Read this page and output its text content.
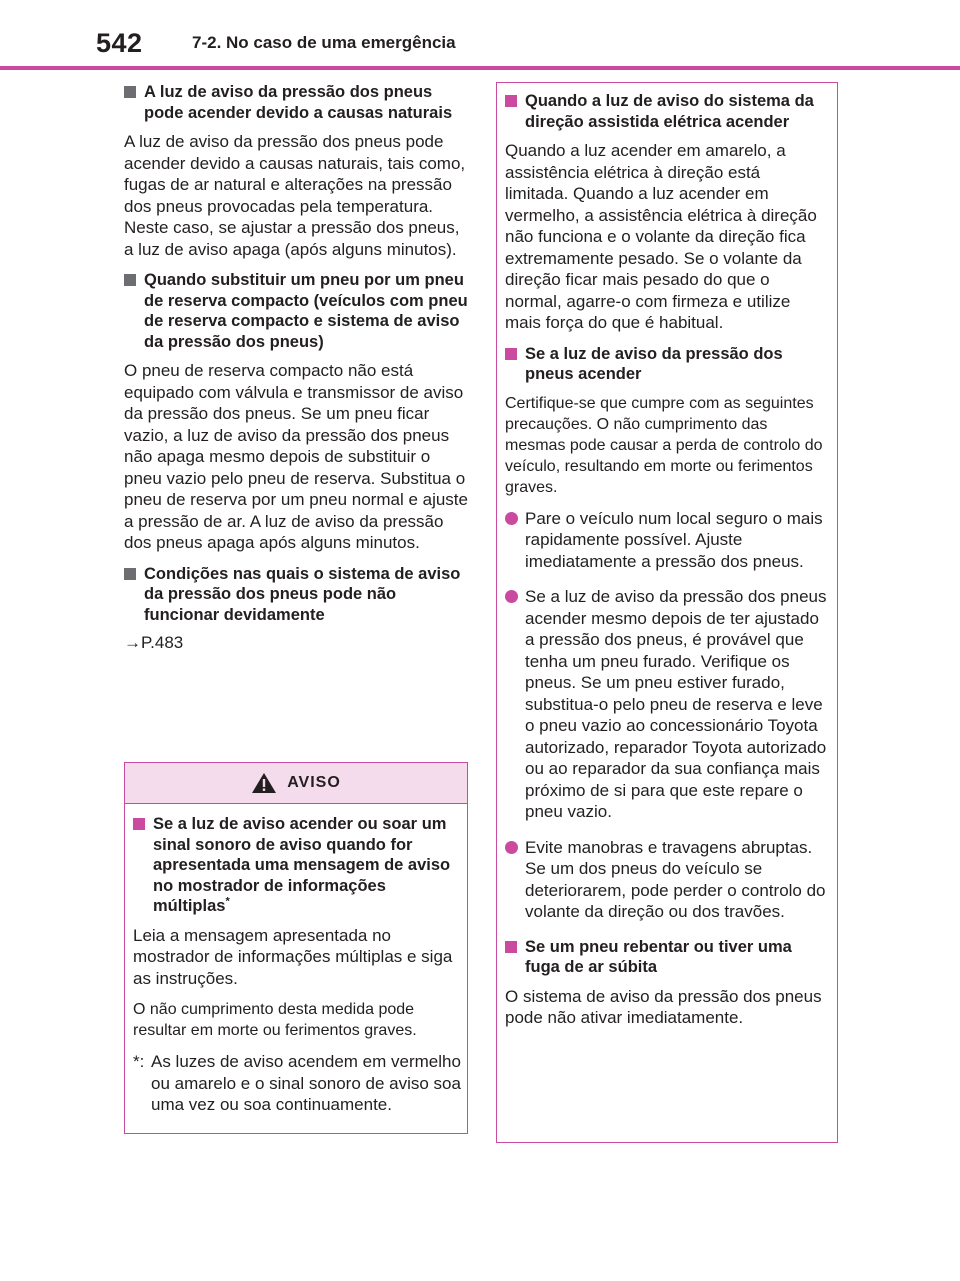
542	7-2. No caso de uma emergência
A luz de aviso da pressão dos pneus pode acender devido a causas naturais

A luz de aviso da pressão dos pneus pode acender devido a causas naturais, tais como, fugas de ar natural e alterações na pressão dos pneus provocadas pela temperatura. Neste caso, se ajustar a pressão dos pneus, a luz de aviso apaga (após alguns minutos).

Quando substituir um pneu por um pneu de reserva compacto (veículos com pneu de reserva compacto e sistema de aviso da pressão dos pneus)

O pneu de reserva compacto não está equipado com válvula e transmissor de aviso da pressão dos pneus. Se um pneu ficar vazio, a luz de aviso da pressão dos pneus não apaga mesmo depois de substituir o pneu vazio pelo pneu de reserva. Substitua o pneu de reserva por um pneu normal e ajuste a pressão de ar. A luz de aviso da pressão dos pneus apaga após alguns minutos.

Condições nas quais o sistema de aviso da pressão dos pneus pode não funcionar devidamente

→P.483

AVISO
Se a luz de aviso acender ou soar um sinal sonoro de aviso quando for apresentada uma mensagem de aviso no mostrador de informações múltiplas*

Leia a mensagem apresentada no mostrador de informações múltiplas e siga as instruções.

O não cumprimento desta medida pode resultar em morte ou ferimentos graves.

*: As luzes de aviso acendem em vermelho ou amarelo e o sinal sonoro de aviso soa uma vez ou soa continuamente.
Quando a luz de aviso do sistema da direção assistida elétrica acender

Quando a luz acender em amarelo, a assistência elétrica à direção está limitada. Quando a luz acender em vermelho, a assistência elétrica à direção não funciona e o volante da direção fica extremamente pesado. Se o volante da direção ficar mais pesado do que o normal, agarre-o com firmeza e utilize mais força do que é habitual.

Se a luz de aviso da pressão dos pneus acender

Certifique-se que cumpre com as seguintes precauções. O não cumprimento das mesmas pode causar a perda de controlo do veículo, resultando em morte ou ferimentos graves.

Pare o veículo num local seguro o mais rapidamente possível. Ajuste imediatamente a pressão dos pneus.
Se a luz de aviso da pressão dos pneus acender mesmo depois de ter ajustado a pressão dos pneus, é provável que tenha um pneu furado. Verifique os pneus. Se um pneu estiver furado, substitua-o pelo pneu de reserva e leve o pneu vazio ao concessionário Toyota autorizado, reparador Toyota autorizado ou ao reparador da sua confiança mais próximo de si para que este repare o pneu vazio.
Evite manobras e travagens abruptas. Se um dos pneus do veículo se deteriorarem, pode perder o controlo do volante da direção ou dos travões.
Se um pneu rebentar ou tiver uma fuga de ar súbita

O sistema de aviso da pressão dos pneus pode não ativar imediatamente.
